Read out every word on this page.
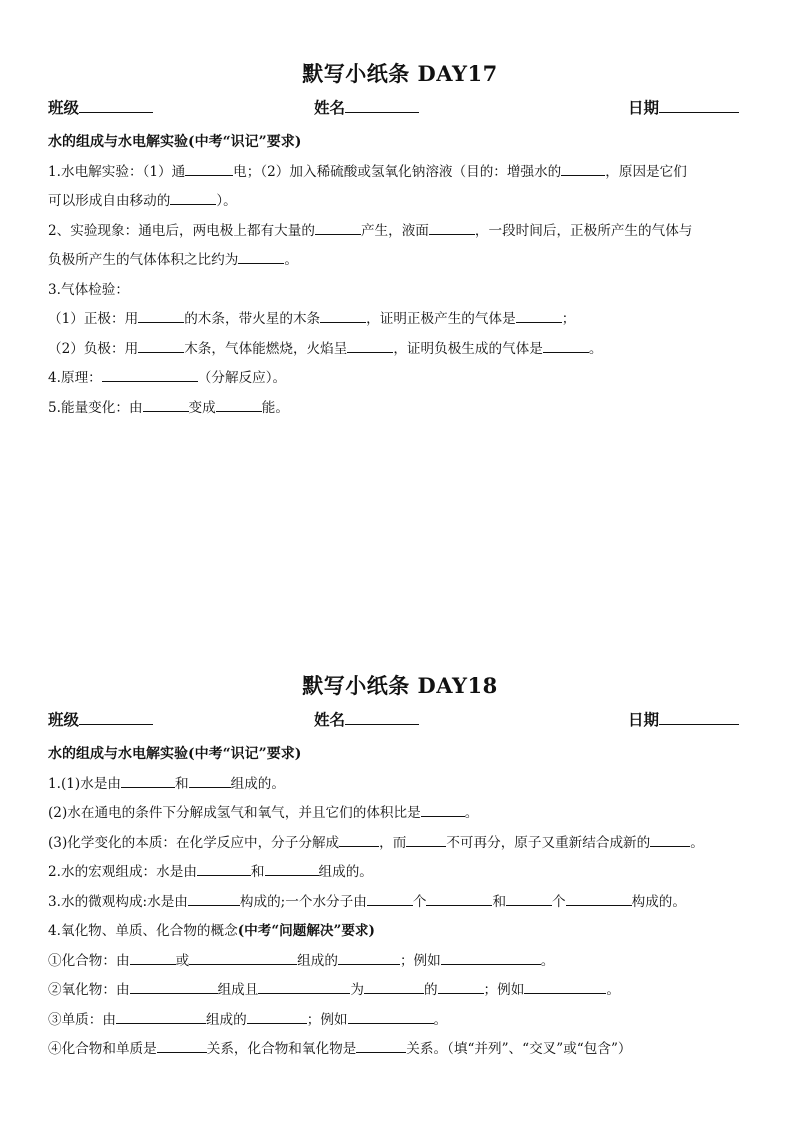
默写小纸条 DAY17
班级	姓名	日期
水的组成与水电解实验(中考“识记”要求)
1.水电解实验：（1）通	电；（2）加入稀硫酸或氢氧化钠溶液（目的：增强水的	，原因是它们
可以形成自由移动的	）。
2、实验现象：通电后，两电极上都有大量的	产生，液面	，一段时间后，正极所产生的气体与
负极所产生的气体体积之比约为	。
3.气体检验：
（1）正极：用	的木条，带火星的木条	，证明正极产生的气体是	；
（2）负极：用	木条，气体能燃烧，火焰呈	，证明负极生成的气体是	。
4.原理：	（分解反应）。
5.能量变化：由	变成	能。
默写小纸条 DAY18
班级	姓名	日期
水的组成与水电解实验(中考“识记”要求)
1.(1)水是由	和	组成的。
(2)水在通电的条件下分解成氢气和氧气，并且它们的体积比是	。
(3)化学变化的本质：在化学反应中，分子分解成	，而	不可再分，原子又重新结合成新的	。
2.水的宏观组成：水是由	和	组成的。
3.水的微观构成:水是由	构成的;一个水分子由	个	和	个	构成的。
4.氧化物、单质、化合物的概念(中考“问题解决”要求)
①化合物：由	或	组成的	；例如	。
②氧化物：由	组成且	为	的	；例如	。
③单质：由	组成的	；例如	。
④化合物和单质是	关系，化合物和氧化物是	关系。（填“并列”、“交叉”或“包含”）
